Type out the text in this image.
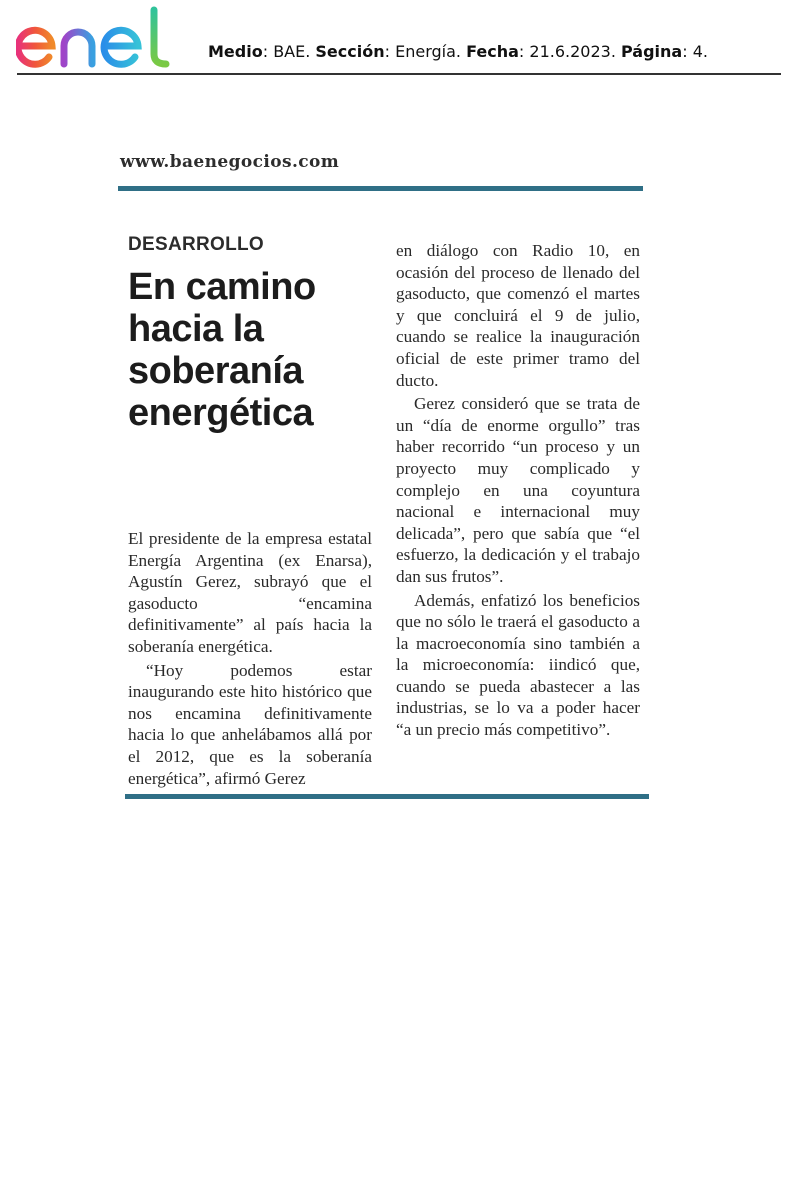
Medio: BAE. Sección: Energía. Fecha: 21.6.2023. Página: 4.
www.baenegocios.com

DESARROLLO

En camino hacia la soberanía energética

El presidente de la empresa estatal Energía Argentina (ex Enarsa), Agustín Gerez, subrayó que el gasoducto “encamina definitivamente” al país hacia la soberanía energética.

“Hoy podemos estar inaugurando este hito histórico que nos encamina definitivamente hacia lo que anhelábamos allá por el 2012, que es la soberanía energética”, afirmó Gerez

en diálogo con Radio 10, en ocasión del proceso de llenado del gasoducto, que comenzó el martes y que concluirá el 9 de julio, cuando se realice la inauguración oficial de este primer tramo del ducto.

Gerez consideró que se trata de un “día de enorme orgullo” tras haber recorrido “un proceso y un proyecto muy complicado y complejo en una coyuntura nacional e internacional muy delicada”, pero que sabía que “el esfuerzo, la dedicación y el trabajo dan sus frutos”.

Además, enfatizó los beneficios que no sólo le traerá el gasoducto a la macroeconomía sino también a la microeconomía: iindicó que, cuando se pueda abastecer a las industrias, se lo va a poder hacer “a un precio más competitivo”.
